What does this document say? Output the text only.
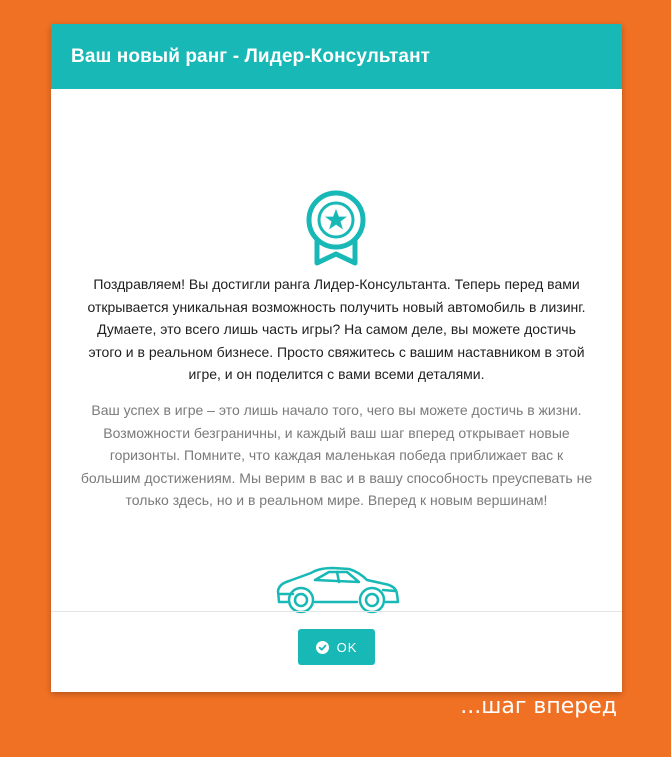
Ваш новый ранг - Лидер-Консультант

Поздравляем! Вы достигли ранга Лидер-Консультанта. Теперь перед вами открывается уникальная возможность получить новый автомобиль в лизинг. Думаете, это всего лишь часть игры? На самом деле, вы можете достичь этого и в реальном бизнесе. Просто свяжитесь с вашим наставником в этой игре, и он поделится с вами всеми деталями.

Ваш успех в игре – это лишь начало того, чего вы можете достичь в жизни. Возможности безграничны, и каждый ваш шаг вперед открывает новые горизонты. Помните, что каждая маленькая победа приближает вас к большим достижениям. Мы верим в вас и в вашу способность преуспевать не только здесь, но и в реальном мире. Вперед к новым вершинам!

OK
...шаг вперед
